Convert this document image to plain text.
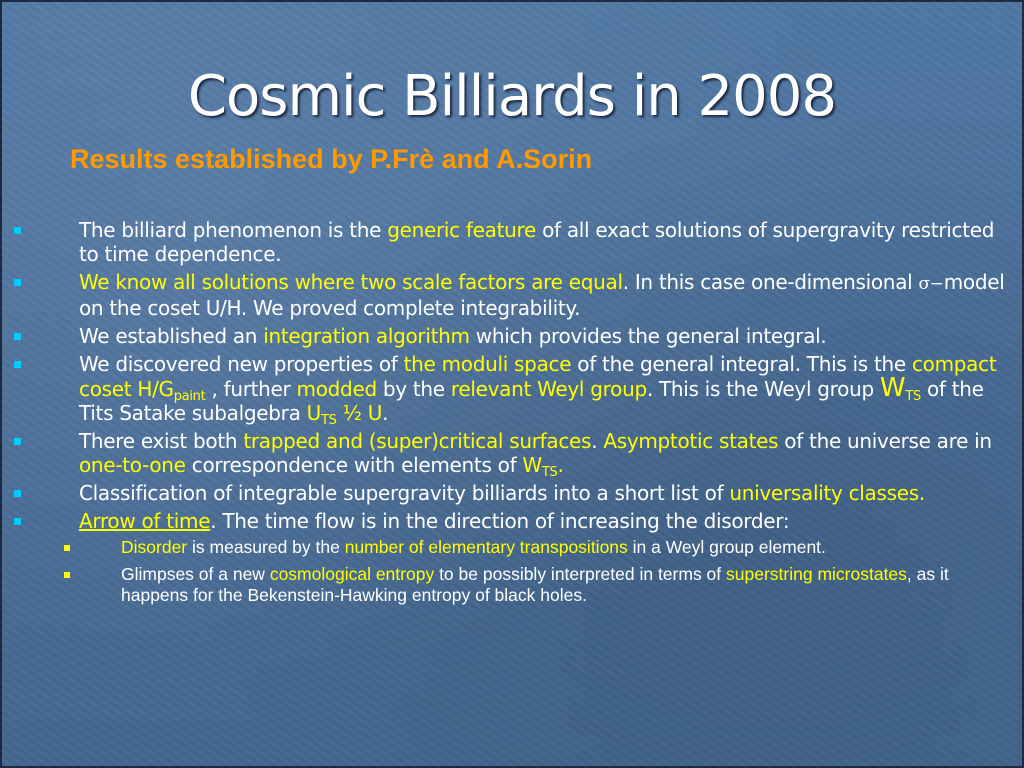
Cosmic Billiards in 2008

Results established by P.Frè and A.Sorin

The billiard phenomenon is the generic feature of all exact solutions of supergravity restricted to time dependence.
We know all solutions where two scale factors are equal. In this case one-dimensional σ−model on the coset U/H. We proved complete integrability.
We established an integration algorithm which provides the general integral.
We discovered new properties of the moduli space of the general integral. This is the compact coset $H/G_{paint}$ , further modded by the relevant Weyl group. This is the Weyl group $W_{TS}$ of the Tits Satake subalgebra $U_{TS}$ ½ U.
There exist both trapped and (super)critical surfaces. Asymptotic states of the universe are in one-to-one correspondence with elements of $W_{TS}$.
Classification of integrable supergravity billiards into a short list of universality classes.
Arrow of time. The time flow is in the direction of increasing the disorder:
Disorder is measured by the number of elementary transpositions in a Weyl group element.
Glimpses of a new cosmological entropy to be possibly interpreted in terms of superstring microstates, as it happens for the Bekenstein-Hawking entropy of black holes.
